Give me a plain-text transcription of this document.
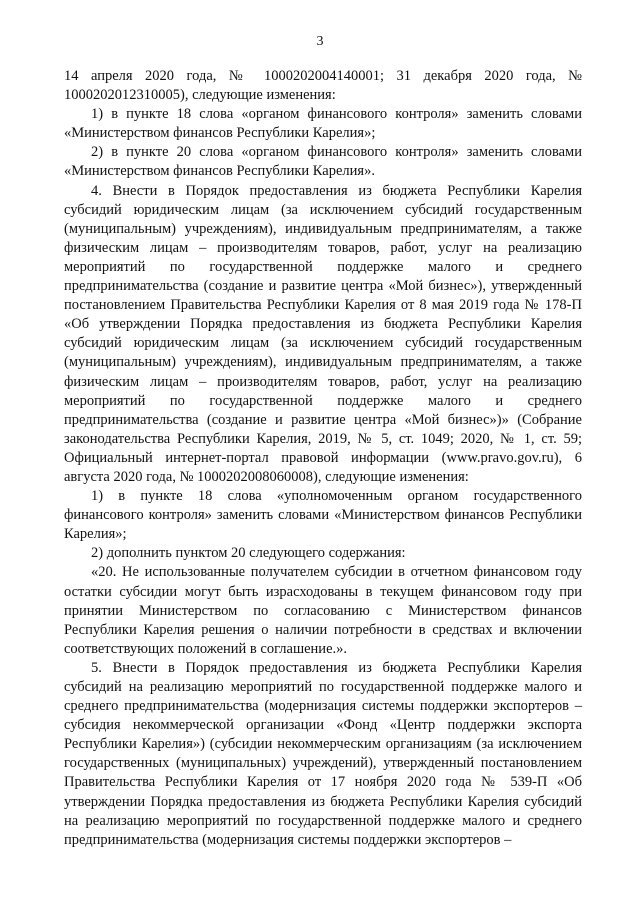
3

14 апреля 2020 года, № 1000202004140001; 31 декабря 2020 года, № 1000202012310005), следующие изменения:

1) в пункте 18 слова «органом финансового контроля» заменить словами «Министерством финансов Республики Карелия»;

2) в пункте 20 слова «органом финансового контроля» заменить словами «Министерством финансов Республики Карелия».

4. Внести в Порядок предоставления из бюджета Республики Карелия субсидий юридическим лицам (за исключением субсидий государственным (муниципальным) учреждениям), индивидуальным предпринимателям, а также физическим лицам – производителям товаров, работ, услуг на реализацию мероприятий по государственной поддержке малого и среднего предпринимательства (создание и развитие центра «Мой бизнес»), утвержденный постановлением Правительства Республики Карелия от 8 мая 2019 года № 178-П «Об утверждении Порядка предоставления из бюджета Республики Карелия субсидий юридическим лицам (за исключением субсидий государственным (муниципальным) учреждениям), индивидуальным предпринимателям, а также физическим лицам – производителям товаров, работ, услуг на реализацию мероприятий по государственной поддержке малого и среднего предпринимательства (создание и развитие центра «Мой бизнес»)» (Собрание законодательства Республики Карелия, 2019, № 5, ст. 1049; 2020, № 1, ст. 59; Официальный интернет-портал правовой информации (www.pravo.gov.ru), 6 августа 2020 года, № 1000202008060008), следующие изменения:

1) в пункте 18 слова «уполномоченным органом государственного финансового контроля» заменить словами «Министерством финансов Республики Карелия»;

2) дополнить пунктом 20 следующего содержания:

«20. Не использованные получателем субсидии в отчетном финансовом году остатки субсидии могут быть израсходованы в текущем финансовом году при принятии Министерством по согласованию с Министерством финансов Республики Карелия решения о наличии потребности в средствах и включении соответствующих положений в соглашение.».

5. Внести в Порядок предоставления из бюджета Республики Карелия субсидий на реализацию мероприятий по государственной поддержке малого и среднего предпринимательства (модернизация системы поддержки экспортеров – субсидия некоммерческой организации «Фонд «Центр поддержки экспорта Республики Карелия») (субсидии некоммерческим организациям (за исключением государственных (муниципальных) учреждений), утвержденный постановлением Правительства Республики Карелия от 17 ноября 2020 года № 539-П «Об утверждении Порядка предоставления из бюджета Республики Карелия субсидий на реализацию мероприятий по государственной поддержке малого и среднего предпринимательства (модернизация системы поддержки экспортеров –
